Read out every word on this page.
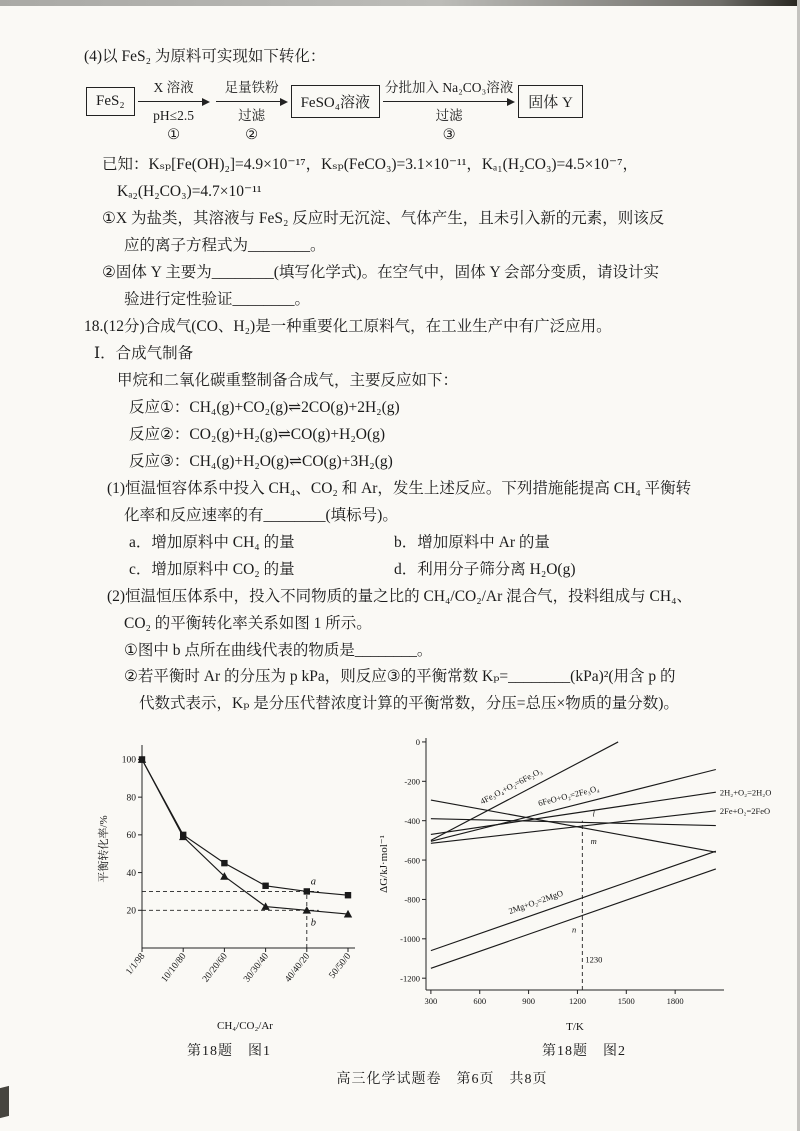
(4)以 FeS₂ 为原料可实现如下转化：

FeS₂
X 溶液
pH≤2.5
①
足量铁粉
过滤
②
FeSO₄溶液
分批加入 Na₂CO₃溶液
过滤
③
固体 Y

已知：Kₛₚ[Fe(OH)₂]=4.9×10⁻¹⁷，Kₛₚ(FeCO₃)=3.1×10⁻¹¹，Kₐ₁(H₂CO₃)=4.5×10⁻⁷，

Kₐ₂(H₂CO₃)=4.7×10⁻¹¹

①X 为盐类，其溶液与 FeS₂ 反应时无沉淀、气体产生，且未引入新的元素，则该反

应的离子方程式为________。

②固体 Y 主要为________(填写化学式)。在空气中，固体 Y 会部分变质，请设计实

验进行定性验证________。

18.(12分)合成气(CO、H₂)是一种重要化工原料气，在工业生产中有广泛应用。

Ⅰ．合成气制备

甲烷和二氧化碳重整制备合成气，主要反应如下：

反应①：CH₄(g)+CO₂(g)⇌2CO(g)+2H₂(g)

反应②：CO₂(g)+H₂(g)⇌CO(g)+H₂O(g)

反应③：CH₄(g)+H₂O(g)⇌CO(g)+3H₂(g)

(1)恒温恒容体系中投入 CH₄、CO₂ 和 Ar，发生上述反应。下列措施能提高 CH₄ 平衡转

化率和反应速率的有________(填标号)。

a．增加原料中 CH₄ 的量	b．增加原料中 Ar 的量
c．增加原料中 CO₂ 的量	d．利用分子筛分离 H₂O(g)

(2)恒温恒压体系中，投入不同物质的量之比的 CH₄/CO₂/Ar 混合气，投料组成与 CH₄、

CO₂ 的平衡转化率关系如图 1 所示。

①图中 b 点所在曲线代表的物质是________。

②若平衡时 Ar 的分压为 p kPa，则反应③的平衡常数 Kₚ=________(kPa)²(用含 p 的

代数式表示，Kₚ 是分压代替浓度计算的平衡常数，分压=总压×物质的量分数)。

20
40
60
80
100
1/1/98 10/10/80 20/20/60 30/30/40 40/40/20 50/50/0
a
b
平衡转化率/%
CH₄/CO₂/Ar
第18题　图1
0
-200
-400
-600
-800
-1000
-1200
300	600	900	1200	1500	1800
4Fe₃O₄+O₂=6Fe₂O₃
6FeO+O₂=2Fe₃O₄	2H₂+O₂=2H₂O
2Fe+O₂=2FeO
l
m
2Mg+O₂=2MgO
n
1230
ΔG/kJ·mol⁻¹
T/K
第18题　图2
高三化学试题卷　第6页　共8页
